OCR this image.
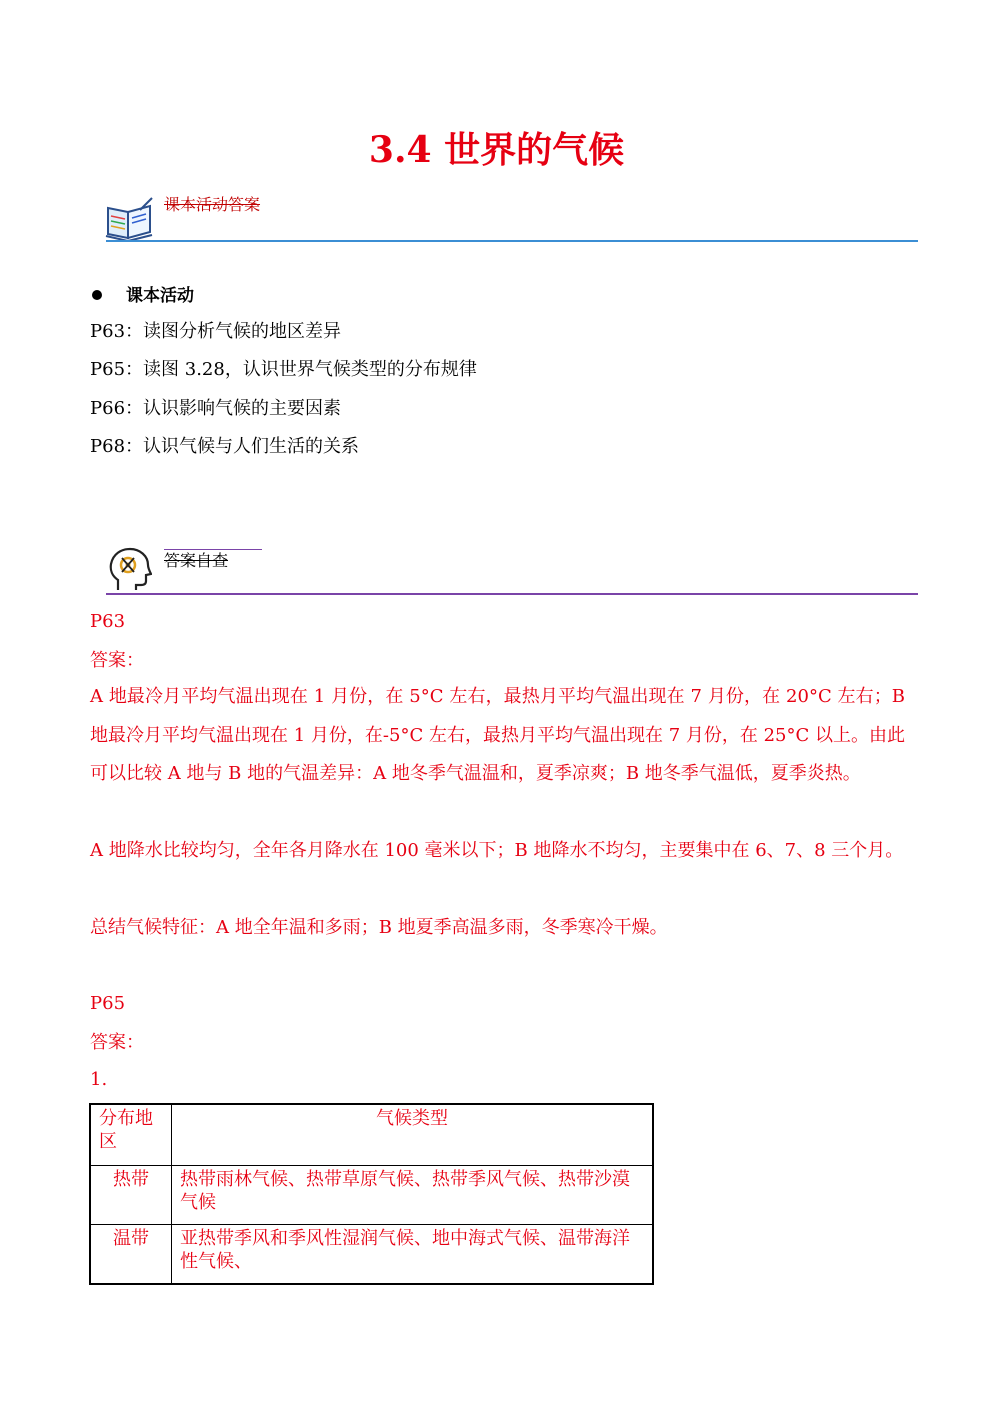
3.4 世界的气候
课本活动答案
课本活动
P63：读图分析气候的地区差异
P65：读图 3.28，认识世界气候类型的分布规律
P66：认识影响气候的主要因素
P68：认识气候与人们生活的关系
答案自查
P63
答案：

A 地最冷月平均气温出现在 1 月份，在 5°C 左右，最热月平均气温出现在 7 月份，在 20°C 左右；B 地最冷月平均气温出现在 1 月份，在-5°C 左右，最热月平均气温出现在 7 月份，在 25°C 以上。由此可以比较 A 地与 B 地的气温差异：A 地冬季气温温和，夏季凉爽；B 地冬季气温低，夏季炎热。

A 地降水比较均匀，全年各月降水在 100 毫米以下；B 地降水不均匀，主要集中在 6、7、8 三个月。

总结气候特征：A 地全年温和多雨；B 地夏季高温多雨，冬季寒冷干燥。

P65
答案：
1.
分布地区	气候类型
热带	热带雨林气候、热带草原气候、热带季风气候、热带沙漠气候
温带	亚热带季风和季风性湿润气候、地中海式气候、温带海洋性气候、
